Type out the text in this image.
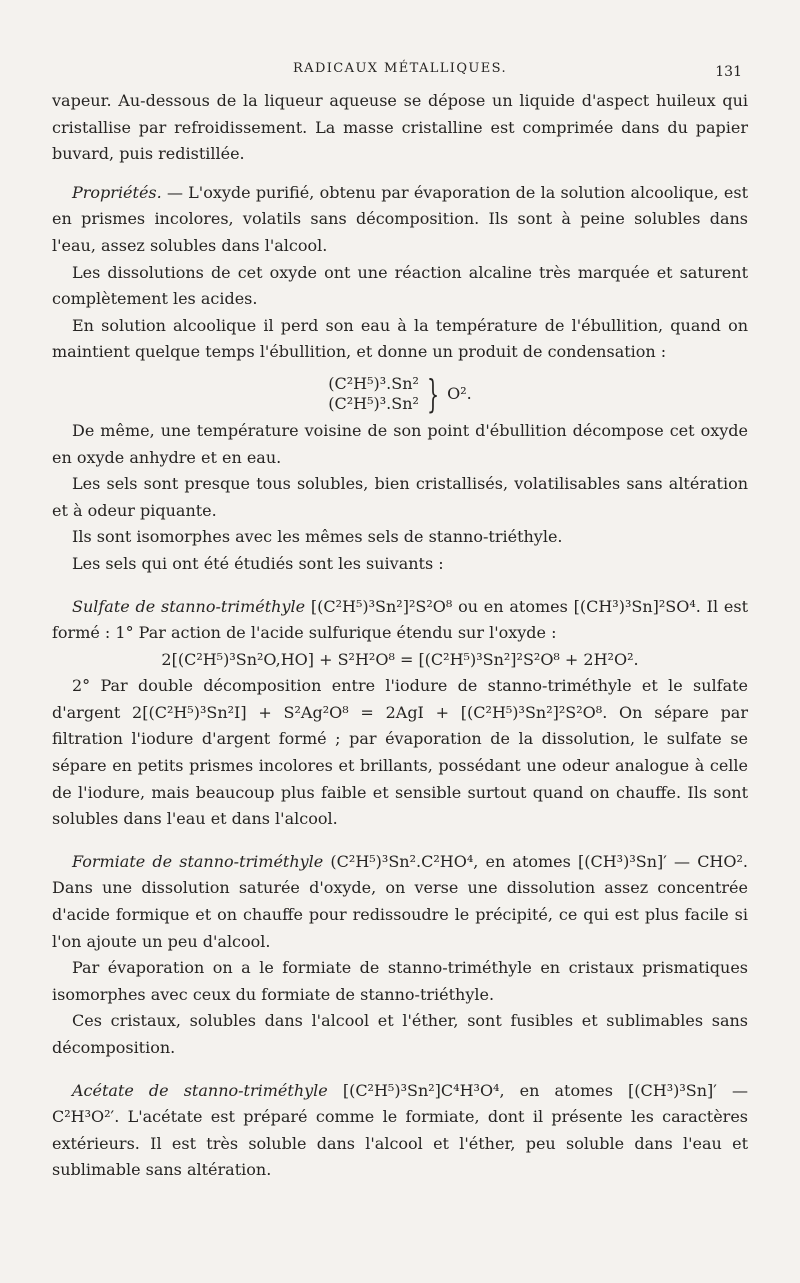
RADICAUX MÉTALLIQUES.	131

vapeur. Au-dessous de la liqueur aqueuse se dépose un liquide d'aspect huileux qui cristallise par refroidissement. La masse cristalline est comprimée dans du papier buvard, puis redistillée.

Propriétés. — L'oxyde purifié, obtenu par évaporation de la solution alcoolique, est en prismes incolores, volatils sans décomposition. Ils sont à peine solubles dans l'eau, assez solubles dans l'alcool.

Les dissolutions de cet oxyde ont une réaction alcaline très marquée et saturent complètement les acides.

En solution alcoolique il perd son eau à la température de l'ébullition, quand on maintient quelque temps l'ébullition, et donne un produit de condensation :

(C²H⁵)³.Sn²
(C²H⁵)³.Sn² } O².

De même, une température voisine de son point d'ébullition décompose cet oxyde en oxyde anhydre et en eau.

Les sels sont presque tous solubles, bien cristallisés, volatilisables sans altération et à odeur piquante.

Ils sont isomorphes avec les mêmes sels de stanno-triéthyle.

Les sels qui ont été étudiés sont les suivants :

Sulfate de stanno-triméthyle [(C²H⁵)³Sn²]²S²O⁸ ou en atomes [(CH³)³Sn]²SO⁴. Il est formé : 1° Par action de l'acide sulfurique étendu sur l'oxyde :

2[(C²H⁵)³Sn²O,HO] + S²H²O⁸ = [(C²H⁵)³Sn²]²S²O⁸ + 2H²O².

2° Par double décomposition entre l'iodure de stanno-triméthyle et le sulfate d'argent 2[(C²H⁵)³Sn²I] + S²Ag²O⁸ = 2AgI + [(C²H⁵)³Sn²]²S²O⁸. On sépare par filtration l'iodure d'argent formé ; par évaporation de la dissolution, le sulfate se sépare en petits prismes incolores et brillants, possédant une odeur analogue à celle de l'iodure, mais beaucoup plus faible et sensible surtout quand on chauffe. Ils sont solubles dans l'eau et dans l'alcool.

Formiate de stanno-triméthyle (C²H⁵)³Sn².C²HO⁴, en atomes [(CH³)³Sn]′ — CHO². Dans une dissolution saturée d'oxyde, on verse une dissolution assez concentrée d'acide formique et on chauffe pour redissoudre le précipité, ce qui est plus facile si l'on ajoute un peu d'alcool.

Par évaporation on a le formiate de stanno-triméthyle en cristaux prismatiques isomorphes avec ceux du formiate de stanno-triéthyle.

Ces cristaux, solubles dans l'alcool et l'éther, sont fusibles et sublimables sans décomposition.

Acétate de stanno-triméthyle [(C²H⁵)³Sn²]C⁴H³O⁴, en atomes [(CH³)³Sn]′ — C²H³O²′. L'acétate est préparé comme le formiate, dont il présente les caractères extérieurs. Il est très soluble dans l'alcool et l'éther, peu soluble dans l'eau et sublimable sans altération.
